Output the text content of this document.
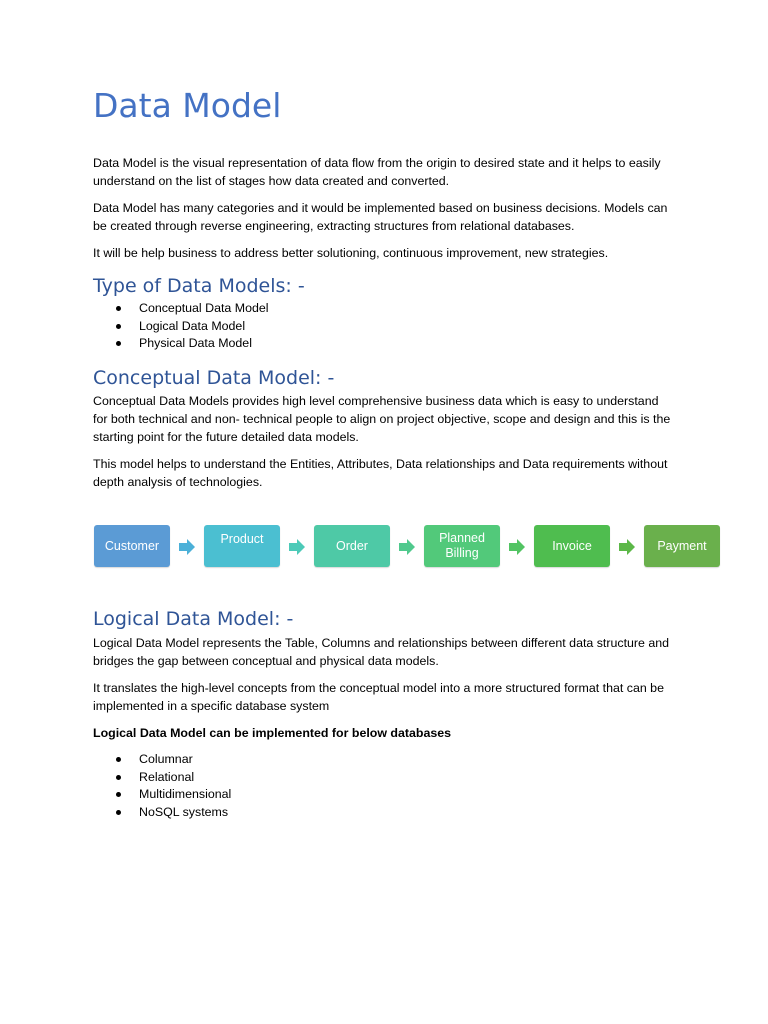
Data Model

Data Model is the visual representation of data flow from the origin to desired state and it helps to easily understand on the list of stages how data created and converted.

Data Model has many categories and it would be implemented based on business decisions. Models can be created through reverse engineering, extracting structures from relational databases.

It will be help business to address better solutioning, continuous improvement, new strategies.

Type of Data Models: -
Conceptual Data Model
Logical Data Model
Physical Data Model
Conceptual Data Model: -

Conceptual Data Models provides high level comprehensive business data which is easy to understand for both technical and non- technical people to align on project objective, scope and design and this is the starting point for the future detailed data models.

This model helps to understand the Entities, Attributes, Data relationships and Data requirements without depth analysis of technologies.

Logical Data Model: -

Logical Data Model represents the Table, Columns and relationships between different data structure and bridges the gap between conceptual and physical data models.

It translates the high-level concepts from the conceptual model into a more structured format that can be implemented in a specific database system

Logical Data Model can be implemented for below databases

Columnar
Relational
Multidimensional
NoSQL systems
Customer	Product	Order
Planned Billing
Invoice	Payment
